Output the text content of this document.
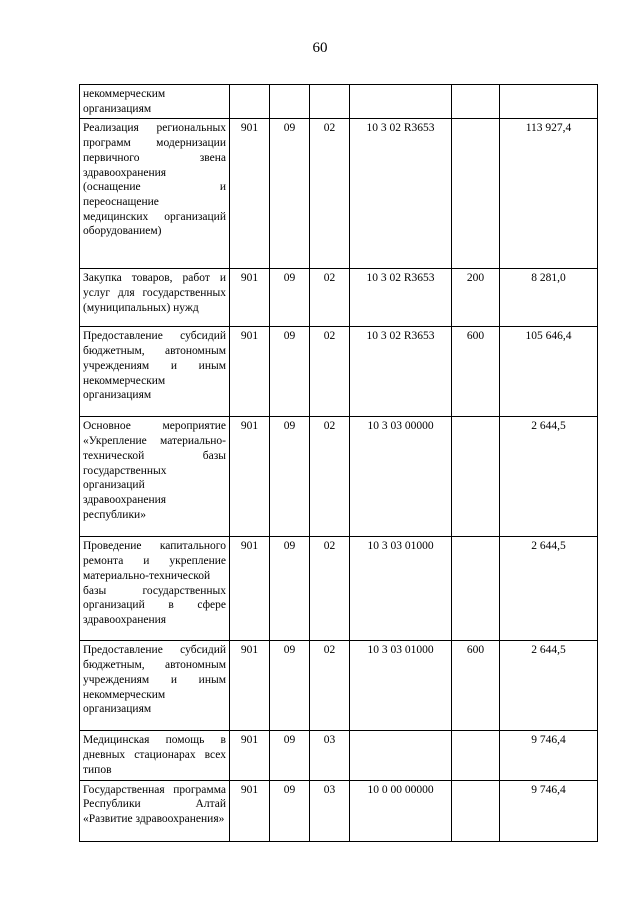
60
некоммерческим организациям						
Реализация региональных программ модернизации первичного звена здравоохранения (оснащение и переоснащение медицинских организаций оборудованием)	901	09	02	10 3 02 R3653		113 927,4
Закупка товаров, работ и услуг для государственных (муниципальных) нужд	901	09	02	10 3 02 R3653	200	8 281,0
Предоставление субсидий бюджетным, автономным учреждениям и иным некоммерческим организациям	901	09	02	10 3 02 R3653	600	105 646,4
Основное мероприятие «Укрепление материально-технической базы государственных организаций здравоохранения республики»	901	09	02	10 3 03 00000		2 644,5
Проведение капитального ремонта и укрепление материально-технической базы государственных организаций в сфере здравоохранения	901	09	02	10 3 03 01000		2 644,5
Предоставление субсидий бюджетным, автономным учреждениям и иным некоммерческим организациям	901	09	02	10 3 03 01000	600	2 644,5
Медицинская помощь в дневных стационарах всех типов	901	09	03			9 746,4
Государственная программа Республики Алтай «Развитие здравоохранения»	901	09	03	10 0 00 00000		9 746,4
